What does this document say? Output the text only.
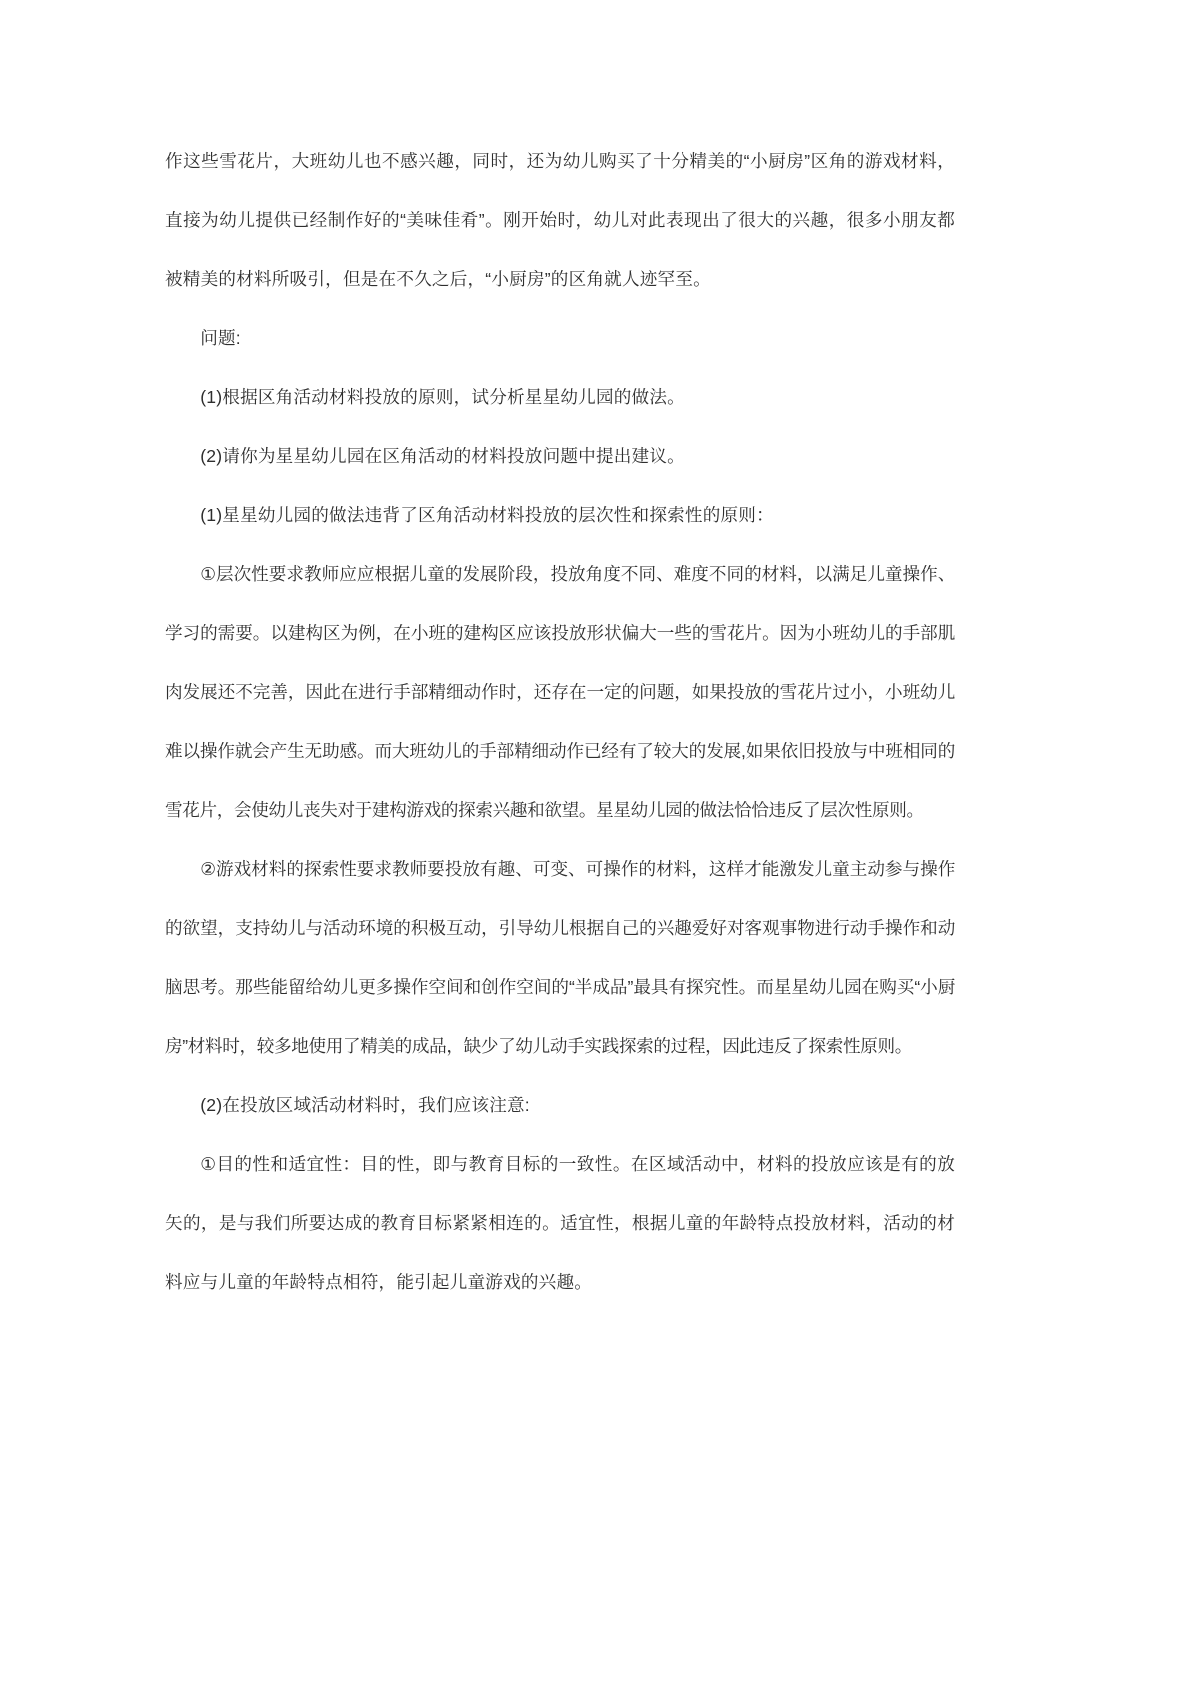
作这些雪花片，大班幼儿也不感兴趣，同时，还为幼儿购买了十分精美的“小厨房”区角的游戏材料，直接为幼儿提供已经制作好的“美味佳肴”。刚开始时，幼儿对此表现出了很大的兴趣，很多小朋友都被精美的材料所吸引，但是在不久之后，“小厨房”的区角就人迹罕至。

问题:

(1)根据区角活动材料投放的原则，试分析星星幼儿园的做法。

(2)请你为星星幼儿园在区角活动的材料投放问题中提出建议。

(1)星星幼儿园的做法违背了区角活动材料投放的层次性和探索性的原则：

①层次性要求教师应应根据儿童的发展阶段，投放角度不同、难度不同的材料，以满足儿童操作、学习的需要。以建构区为例，在小班的建构区应该投放形状偏大一些的雪花片。因为小班幼儿的手部肌肉发展还不完善，因此在进行手部精细动作时，还存在一定的问题，如果投放的雪花片过小，小班幼儿难以操作就会产生无助感。而大班幼儿的手部精细动作已经有了较大的发展,如果依旧投放与中班相同的雪花片，会使幼儿丧失对于建构游戏的探索兴趣和欲望。星星幼儿园的做法恰恰违反了层次性原则。

②游戏材料的探索性要求教师要投放有趣、可变、可操作的材料，这样才能激发儿童主动参与操作的欲望，支持幼儿与活动环境的积极互动，引导幼儿根据自己的兴趣爱好对客观事物进行动手操作和动脑思考。那些能留给幼儿更多操作空间和创作空间的“半成品”最具有探究性。而星星幼儿园在购买“小厨房”材料时，较多地使用了精美的成品，缺少了幼儿动手实践探索的过程，因此违反了探索性原则。

(2)在投放区域活动材料时，我们应该注意:

①目的性和适宜性：目的性，即与教育目标的一致性。在区域活动中，材料的投放应该是有的放矢的，是与我们所要达成的教育目标紧紧相连的。适宜性，根据儿童的年龄特点投放材料，活动的材料应与儿童的年龄特点相符，能引起儿童游戏的兴趣。
